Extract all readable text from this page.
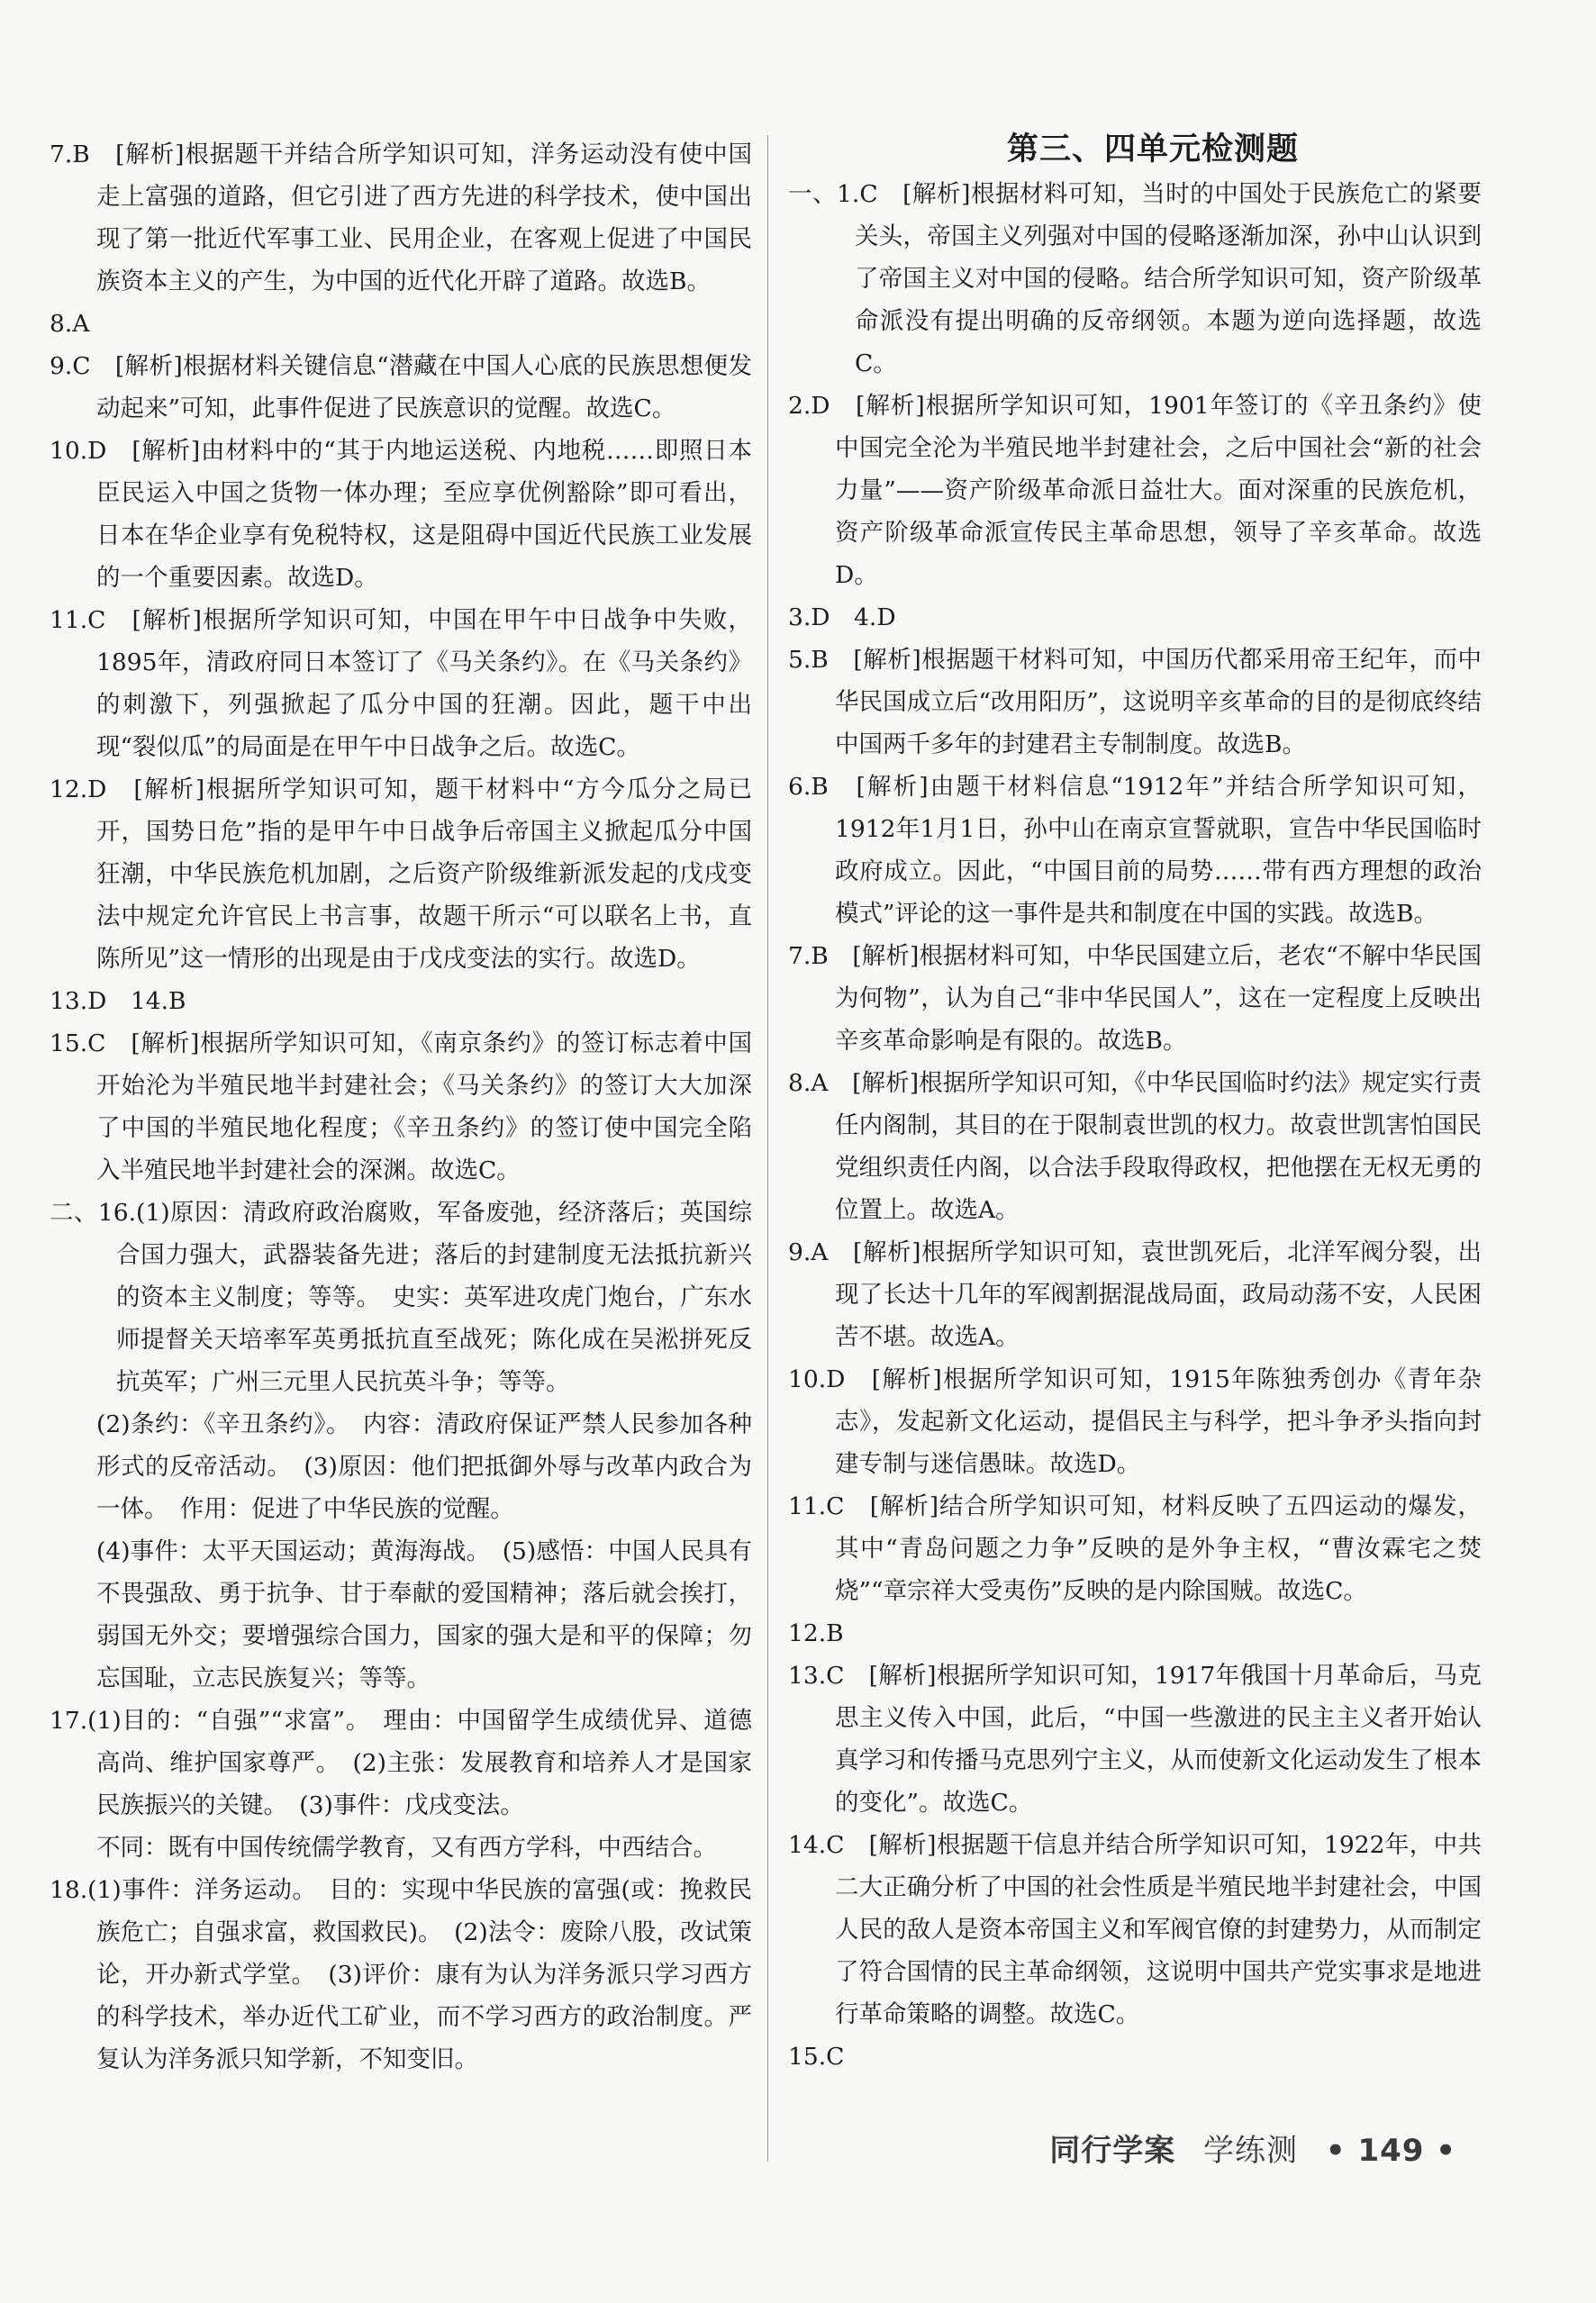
7.B　[解析]根据题干并结合所学知识可知，洋务运动没有使中国走上富强的道路，但它引进了西方先进的科学技术，使中国出现了第一批近代军事工业、民用企业，在客观上促进了中国民族资本主义的产生，为中国的近代化开辟了道路。故选B。

8.A

9.C　[解析]根据材料关键信息“潜藏在中国人心底的民族思想便发动起来”可知，此事件促进了民族意识的觉醒。故选C。

10.D　[解析]由材料中的“其于内地运送税、内地税……即照日本臣民运入中国之货物一体办理；至应享优例豁除”即可看出，日本在华企业享有免税特权，这是阻碍中国近代民族工业发展的一个重要因素。故选D。

11.C　[解析]根据所学知识可知，中国在甲午中日战争中失败，1895年，清政府同日本签订了《马关条约》。在《马关条约》的刺激下，列强掀起了瓜分中国的狂潮。因此，题干中出现“裂似瓜”的局面是在甲午中日战争之后。故选C。

12.D　[解析]根据所学知识可知，题干材料中“方今瓜分之局已开，国势日危”指的是甲午中日战争后帝国主义掀起瓜分中国狂潮，中华民族危机加剧，之后资产阶级维新派发起的戊戌变法中规定允许官民上书言事，故题干所示“可以联名上书，直陈所见”这一情形的出现是由于戊戌变法的实行。故选D。

13.D　14.B

15.C　[解析]根据所学知识可知，《南京条约》的签订标志着中国开始沦为半殖民地半封建社会；《马关条约》的签订大大加深了中国的半殖民地化程度；《辛丑条约》的签订使中国完全陷入半殖民地半封建社会的深渊。故选C。

二、16.(1)原因：清政府政治腐败，军备废弛，经济落后；英国综合国力强大，武器装备先进；落后的封建制度无法抵抗新兴的资本主义制度；等等。　史实：英军进攻虎门炮台，广东水师提督关天培率军英勇抵抗直至战死；陈化成在吴淞拼死反抗英军；广州三元里人民抗英斗争；等等。

(2)条约：《辛丑条约》。　内容：清政府保证严禁人民参加各种形式的反帝活动。　(3)原因：他们把抵御外辱与改革内政合为一体。　作用：促进了中华民族的觉醒。

(4)事件：太平天国运动；黄海海战。　(5)感悟：中国人民具有不畏强敌、勇于抗争、甘于奉献的爱国精神；落后就会挨打，弱国无外交；要增强综合国力，国家的强大是和平的保障；勿忘国耻，立志民族复兴；等等。

17.(1)目的：“自强”“求富”。　理由：中国留学生成绩优异、道德高尚、维护国家尊严。　(2)主张：发展教育和培养人才是国家民族振兴的关键。　(3)事件：戊戌变法。

不同：既有中国传统儒学教育，又有西方学科，中西结合。

18.(1)事件：洋务运动。　目的：实现中华民族的富强(或：挽救民族危亡；自强求富，救国救民)。　(2)法令：废除八股，改试策论，开办新式学堂。　(3)评价：康有为认为洋务派只学习西方的科学技术，举办近代工矿业，而不学习西方的政治制度。严复认为洋务派只知学新，不知变旧。

第三、四单元检测题

一、1.C　[解析]根据材料可知，当时的中国处于民族危亡的紧要关头，帝国主义列强对中国的侵略逐渐加深，孙中山认识到了帝国主义对中国的侵略。结合所学知识可知，资产阶级革命派没有提出明确的反帝纲领。本题为逆向选择题，故选C。

2.D　[解析]根据所学知识可知，1901年签订的《辛丑条约》使中国完全沦为半殖民地半封建社会，之后中国社会“新的社会力量”——资产阶级革命派日益壮大。面对深重的民族危机，资产阶级革命派宣传民主革命思想，领导了辛亥革命。故选D。

3.D　4.D

5.B　[解析]根据题干材料可知，中国历代都采用帝王纪年，而中华民国成立后“改用阳历”，这说明辛亥革命的目的是彻底终结中国两千多年的封建君主专制制度。故选B。

6.B　[解析]由题干材料信息“1912年”并结合所学知识可知，1912年1月1日，孙中山在南京宣誓就职，宣告中华民国临时政府成立。因此，“中国目前的局势……带有西方理想的政治模式”评论的这一事件是共和制度在中国的实践。故选B。

7.B　[解析]根据材料可知，中华民国建立后，老农“不解中华民国为何物”，认为自己“非中华民国人”，这在一定程度上反映出辛亥革命影响是有限的。故选B。

8.A　[解析]根据所学知识可知，《中华民国临时约法》规定实行责任内阁制，其目的在于限制袁世凯的权力。故袁世凯害怕国民党组织责任内阁，以合法手段取得政权，把他摆在无权无勇的位置上。故选A。

9.A　[解析]根据所学知识可知，袁世凯死后，北洋军阀分裂，出现了长达十几年的军阀割据混战局面，政局动荡不安，人民困苦不堪。故选A。

10.D　[解析]根据所学知识可知，1915年陈独秀创办《青年杂志》，发起新文化运动，提倡民主与科学，把斗争矛头指向封建专制与迷信愚昧。故选D。

11.C　[解析]结合所学知识可知，材料反映了五四运动的爆发，其中“青岛问题之力争”反映的是外争主权，“曹汝霖宅之焚烧”“章宗祥大受夷伤”反映的是内除国贼。故选C。

12.B

13.C　[解析]根据所学知识可知，1917年俄国十月革命后，马克思主义传入中国，此后，“中国一些激进的民主主义者开始认真学习和传播马克思列宁主义，从而使新文化运动发生了根本的变化”。故选C。

14.C　[解析]根据题干信息并结合所学知识可知，1922年，中共二大正确分析了中国的社会性质是半殖民地半封建社会，中国人民的敌人是资本帝国主义和军阀官僚的封建势力，从而制定了符合国情的民主革命纲领，这说明中国共产党实事求是地进行革命策略的调整。故选C。

15.C

同行学案 学练测 • 149 •
